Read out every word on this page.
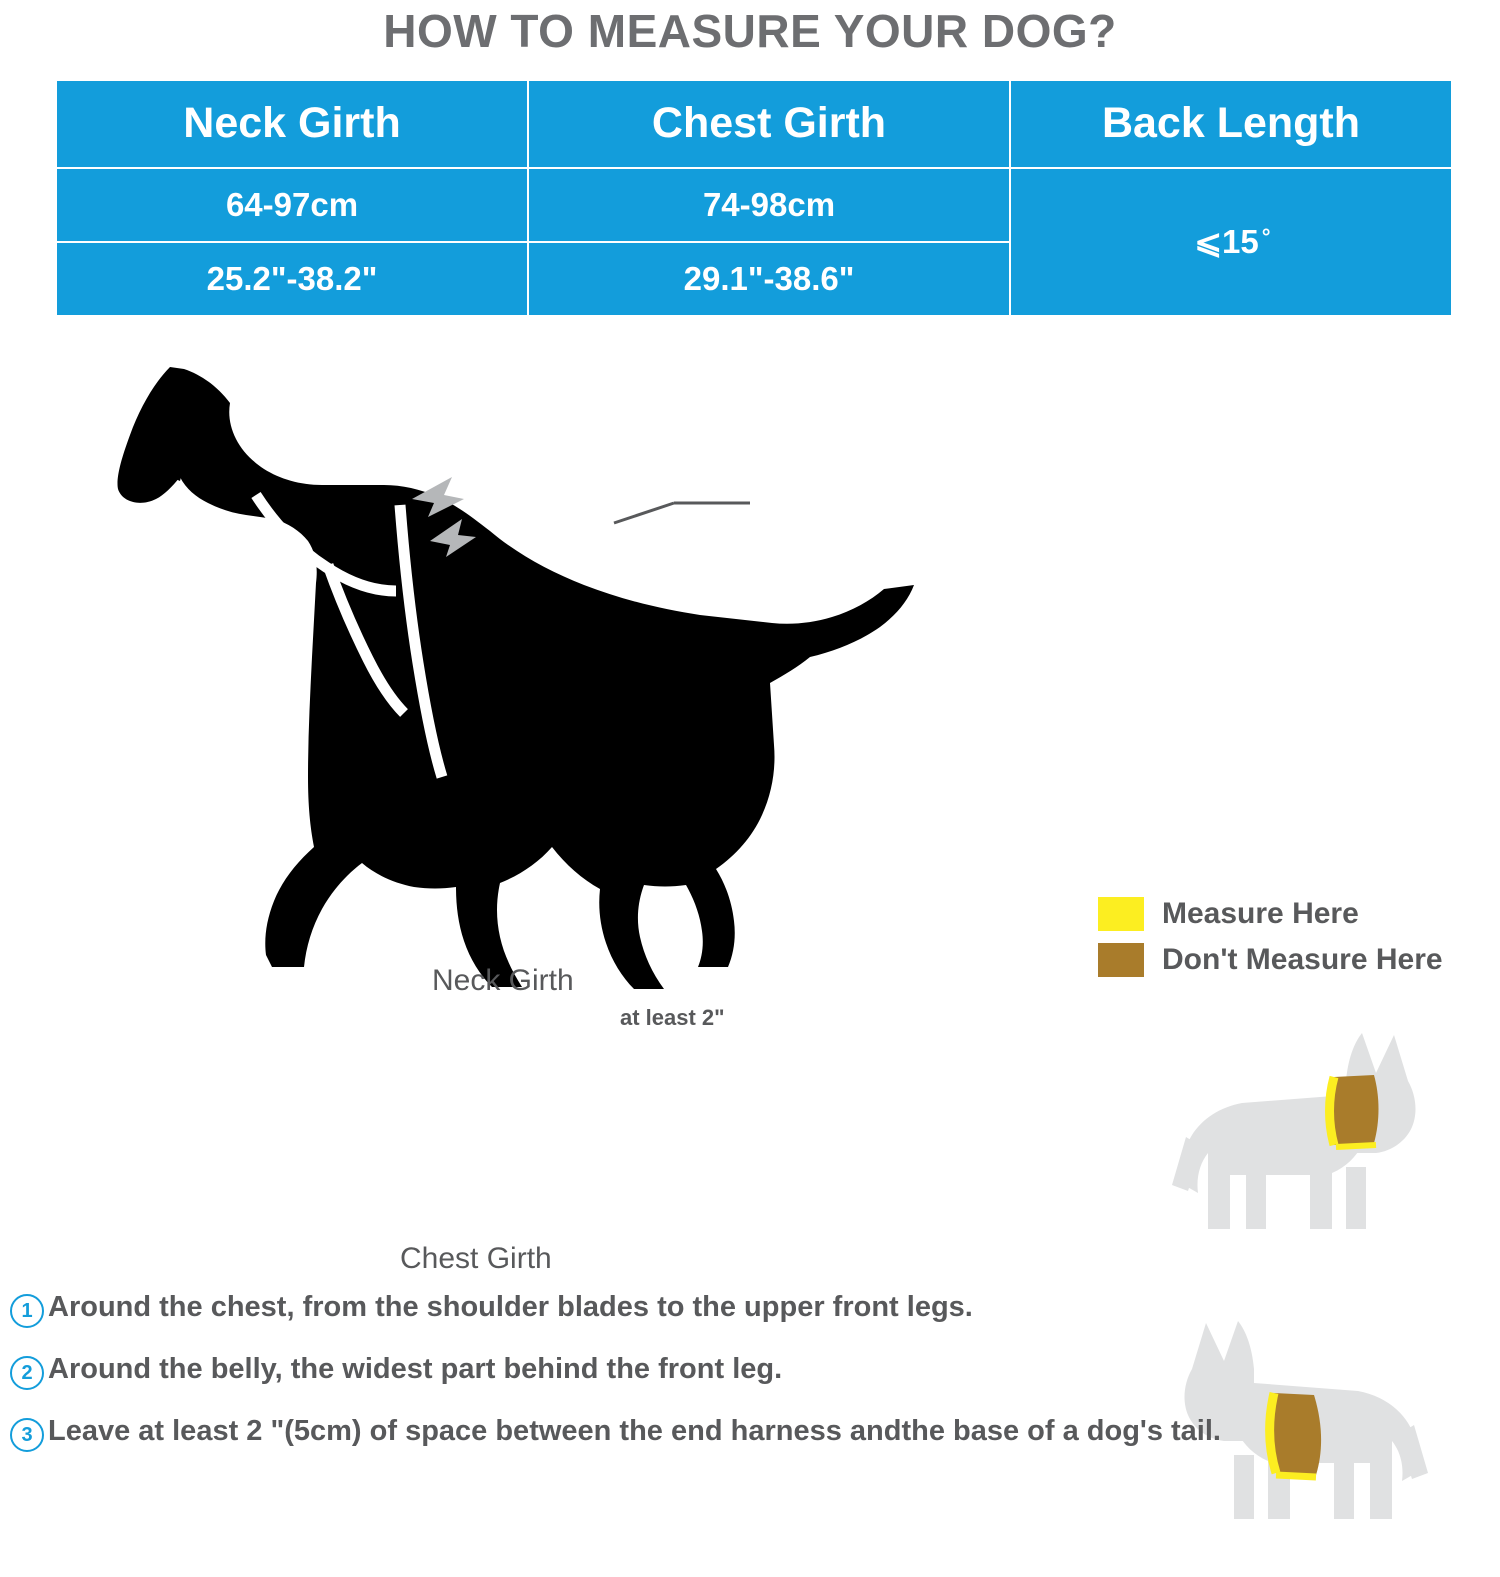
HOW TO MEASURE YOUR DOG?
Neck Girth	Chest Girth	Back Length
64-97cm	74-98cm	⩽15 °
25.2"-38.2"	29.1"-38.6"	
Neck Girth
Chest Girth
at least 2"
Measure Here
Don't Measure Here
1 Around the chest, from the shoulder blades to the upper front legs.
2 Around the belly, the widest part behind the front leg.
3 Leave at least 2 "(5cm) of space between the end harness andthe base of a dog's tail.
